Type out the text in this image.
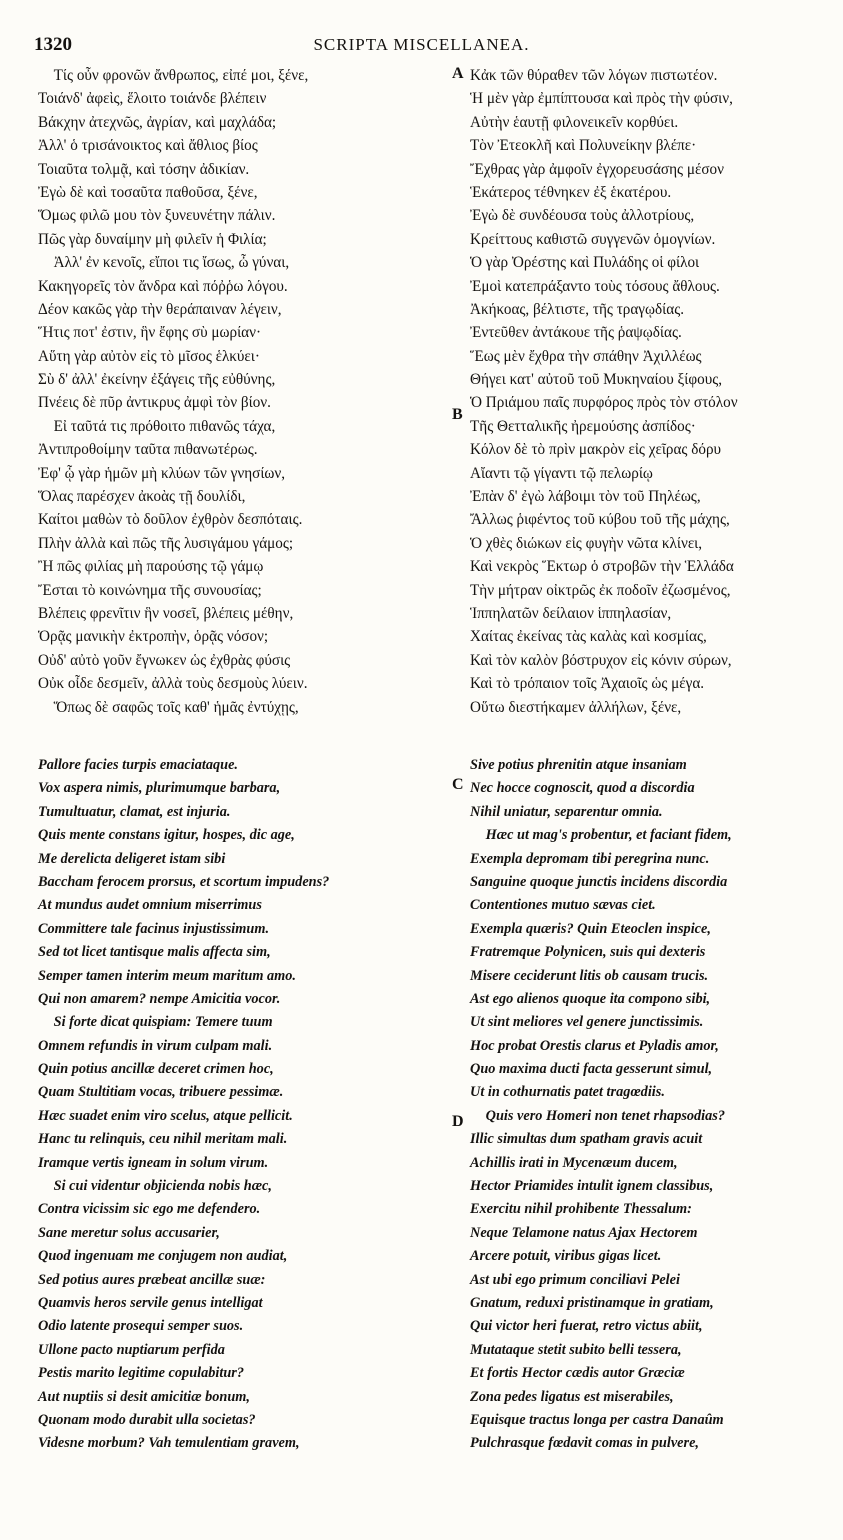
1320	SCRIPTA MISCELLANEA.
A
B
C
D
Τίς οὖν φρονῶν ἄνθρωπος, εἰπέ μοι, ξένε,
Τοιάνδ' ἀφεὶς, ἕλοιτο τοιάνδε βλέπειν
Βάκχην ἀτεχνῶς, ἀγρίαν, καὶ μαχλάδα;
Ἀλλ' ὁ τρισάνοικτος καὶ ἄθλιος βίος
Τοιαῦτα τολμᾷ, καὶ τόσην ἀδικίαν.
Ἐγὼ δὲ καὶ τοσαῦτα παθοῦσα, ξένε,
Ὅμως φιλῶ μου τὸν ξυνευνέτην πάλιν.
Πῶς γὰρ δυναίμην μὴ φιλεῖν ἡ Φιλία;
Ἀλλ' ἐν κενοῖς, εἴποι τις ἴσως, ὦ γύναι,
Κακηγορεῖς τὸν ἄνδρα καὶ πόῤῥω λόγου.
Δέον κακῶς γὰρ τὴν θεράπαιναν λέγειν,
Ἥτις ποτ' ἐστιν, ἣν ἔφης σὺ μωρίαν·
Αὕτη γὰρ αὐτὸν εἰς τὸ μῖσος ἑλκύει·
Σὺ δ' ἀλλ' ἐκείνην ἐξάγεις τῆς εὐθύνης,
Πνέεις δὲ πῦρ ἀντικρυς ἀμφὶ τὸν βίον.
Εἰ ταῦτά τις πρόθοιτο πιθανῶς τάχα,
Ἀντιπροθοίμην ταῦτα πιθανωτέρως.
Ἐφ' ᾧ γὰρ ἡμῶν μὴ κλύων τῶν γνησίων,
Ὅλας παρέσχεν ἀκοὰς τῇ δουλίδι,
Καίτοι μαθὼν τὸ δοῦλον ἐχθρὸν δεσπόταις.
Πλὴν ἀλλὰ καὶ πῶς τῆς λυσιγάμου γάμος;
Ἢ πῶς φιλίας μὴ παρούσης τῷ γάμῳ
Ἔσται τὸ κοινώνημα τῆς συνουσίας;
Βλέπεις φρενῖτιν ἣν νοσεῖ, βλέπεις μέθην,
Ὁρᾷς μανικὴν ἐκτροπὴν, ὁρᾷς νόσον;
Οὐδ' αὐτὸ γοῦν ἔγνωκεν ὡς ἐχθρὰς φύσις
Οὐκ οἶδε δεσμεῖν, ἀλλὰ τοὺς δεσμοὺς λύειν.
Ὅπως δὲ σαφῶς τοῖς καθ' ἡμᾶς ἐντύχῃς,
Κἀκ τῶν θύραθεν τῶν λόγων πιστωτέον.
Ἡ μὲν γὰρ ἐμπίπτουσα καὶ πρὸς τὴν φύσιν,
Αὐτὴν ἑαυτῇ φιλονεικεῖν κορθύει.
Τὸν Ἐτεοκλῆ καὶ Πολυνείκην βλέπε·
Ἔχθρας γὰρ ἀμφοῖν ἐγχορευσάσης μέσον
Ἑκάτερος τέθνηκεν ἐξ ἑκατέρου.
Ἐγὼ δὲ συνδέουσα τοὺς ἀλλοτρίους,
Κρείττους καθιστῶ συγγενῶν ὁμογνίων.
Ὁ γὰρ Ὀρέστης καὶ Πυλάδης οἱ φίλοι
Ἐμοὶ κατεπράξαντο τοὺς τόσους ἄθλους.
Ἀκήκοας, βέλτιστε, τῆς τραγῳδίας.
Ἐντεῦθεν ἀντάκουε τῆς ῥαψῳδίας.
Ἕως μὲν ἔχθρα τὴν σπάθην Ἀχιλλέως
Θήγει κατ' αὐτοῦ τοῦ Μυκηναίου ξίφους,
Ὁ Πριάμου παῖς πυρφόρος πρὸς τὸν στόλον
Τῆς Θετταλικῆς ἠρεμούσης ἀσπίδος·
Κόλον δὲ τὸ πρὶν μακρὸν εἰς χεῖρας δόρυ
Αἴαντι τῷ γίγαντι τῷ πελωρίῳ
Ἐπὰν δ' ἐγὼ λάβοιμι τὸν τοῦ Πηλέως,
Ἄλλως ῥιφέντος τοῦ κύβου τοῦ τῆς μάχης,
Ὁ χθὲς διώκων εἰς φυγὴν νῶτα κλίνει,
Καὶ νεκρὸς Ἕκτωρ ὁ στροβῶν τὴν Ἑλλάδα
Τὴν μήτραν οἰκτρῶς ἐκ ποδοῖν ἐζωσμένος,
Ἱππηλατῶν δείλαιον ἱππηλασίαν,
Χαίτας ἐκείνας τὰς καλὰς καὶ κοσμίας,
Καὶ τὸν καλὸν βόστρυχον εἰς κόνιν σύρων,
Καὶ τὸ τρόπαιον τοῖς Ἀχαιοῖς ὡς μέγα.
Οὕτω διεστήκαμεν ἀλλήλων, ξένε,
Pallore facies turpis emaciataque.
Vox aspera nimis, plurimumque barbara,
Tumultuatur, clamat, est injuria.
Quis mente constans igitur, hospes, dic age,
Me derelicta deligeret istam sibi
Baccham ferocem prorsus, et scortum impudens?
At mundus audet omnium miserrimus
Committere tale facinus injustissimum.
Sed tot licet tantisque malis affecta sim,
Semper tamen interim meum maritum amo.
Qui non amarem? nempe Amicitia vocor.
Si forte dicat quispiam: Temere tuum
Omnem refundis in virum culpam mali.
Quin potius ancillæ deceret crimen hoc,
Quam Stultitiam vocas, tribuere pessimæ.
Hæc suadet enim viro scelus, atque pellicit.
Hanc tu relinquis, ceu nihil meritam mali.
Iramque vertis igneam in solum virum.
Si cui videntur objicienda nobis hæc,
Contra vicissim sic ego me defendero.
Sane meretur solus accusarier,
Quod ingenuam me conjugem non audiat,
Sed potius aures præbeat ancillæ suæ:
Quamvis heros servile genus intelligat
Odio latente prosequi semper suos.
Ullone pacto nuptiarum perfida
Pestis marito legitime copulabitur?
Aut nuptiis si desit amicitiæ bonum,
Quonam modo durabit ulla societas?
Videsne morbum? Vah temulentiam gravem,
Sive potius phrenitin atque insaniam
Nec hocce cognoscit, quod a discordia
Nihil uniatur, separentur omnia.
Hæc ut mag's probentur, et faciant fidem,
Exempla depromam tibi peregrina nunc.
Sanguine quoque junctis incidens discordia
Contentiones mutuo sævas ciet.
Exempla quæris? Quin Eteoclen inspice,
Fratremque Polynicen, suis qui dexteris
Misere ceciderunt litis ob causam trucis.
Ast ego alienos quoque ita compono sibi,
Ut sint meliores vel genere junctissimis.
Hoc probat Orestis clarus et Pyladis amor,
Quo maxima ducti facta gesserunt simul,
Ut in cothurnatis patet tragœdiis.
Quis vero Homeri non tenet rhapsodias?
Illic simultas dum spatham gravis acuit
Achillis irati in Mycenæum ducem,
Hector Priamides intulit ignem classibus,
Exercitu nihil prohibente Thessalum:
Neque Telamone natus Ajax Hectorem
Arcere potuit, viribus gigas licet.
Ast ubi ego primum conciliavi Pelei
Gnatum, reduxi pristinamque in gratiam,
Qui victor heri fuerat, retro victus abiit,
Mutataque stetit subito belli tessera,
Et fortis Hector cædis autor Græciæ
Zona pedes ligatus est miserabiles,
Equisque tractus longa per castra Danaûm
Pulchrasque fœdavit comas in pulvere,
